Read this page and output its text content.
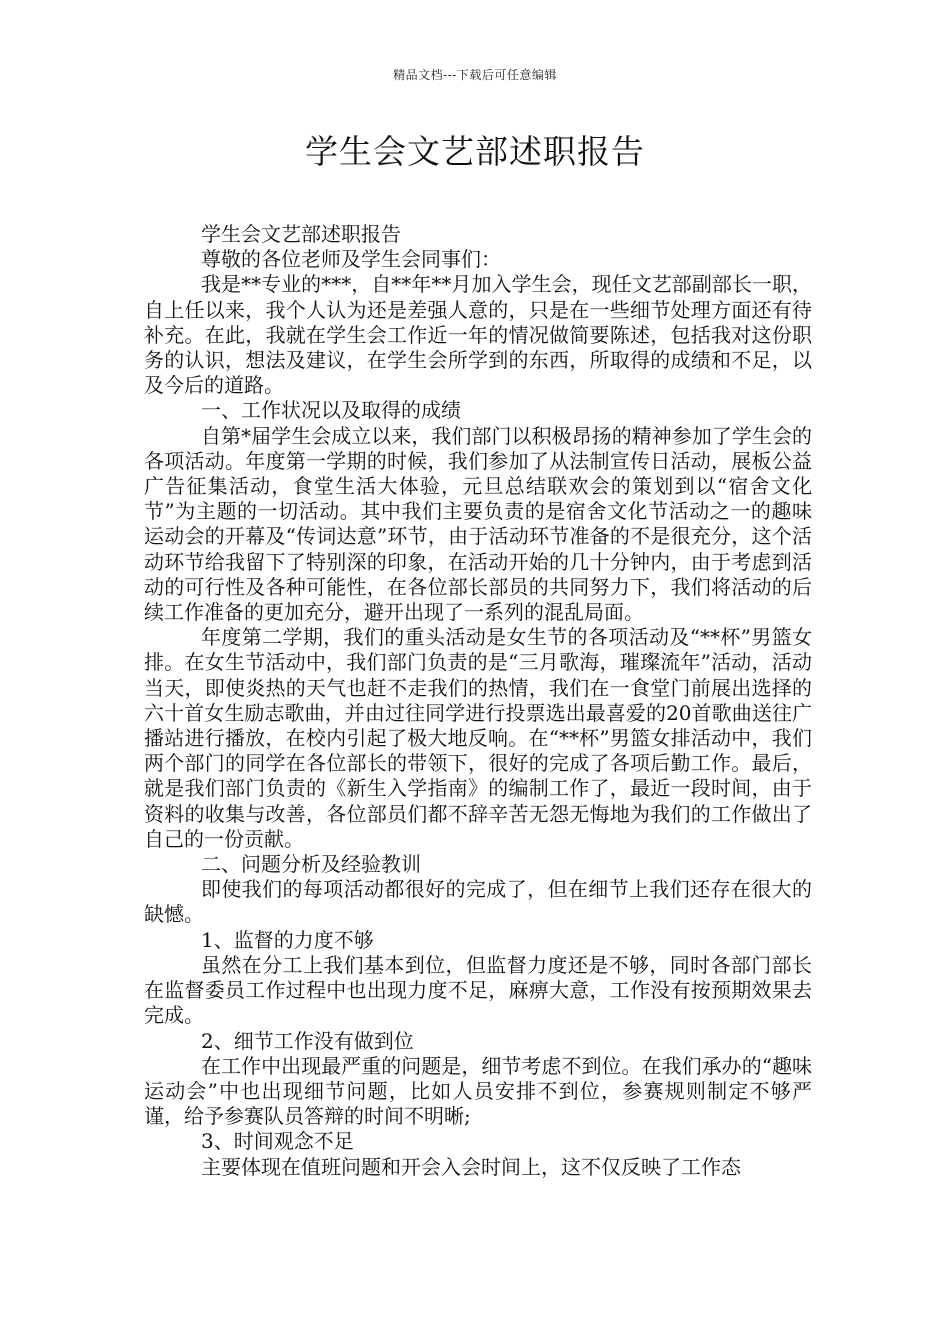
精品文档---下载后可任意编辑
学生会文艺部述职报告

学生会文艺部述职报告

尊敬的各位老师及学生会同事们：

我是**专业的***，自**年**月加入学生会，现任文艺部副部长一职，自上任以来，我个人认为还是差强人意的，只是在一些细节处理方面还有待补充。在此，我就在学生会工作近一年的情况做简要陈述，包括我对这份职务的认识，想法及建议，在学生会所学到的东西，所取得的成绩和不足，以及今后的道路。

一、工作状况以及取得的成绩

自第*届学生会成立以来，我们部门以积极昂扬的精神参加了学生会的各项活动。年度第一学期的时候，我们参加了从法制宣传日活动，展板公益广告征集活动，食堂生活大体验，元旦总结联欢会的策划到以“宿舍文化节”为主题的一切活动。其中我们主要负责的是宿舍文化节活动之一的趣味运动会的开幕及“传词达意”环节，由于活动环节准备的不是很充分，这个活动环节给我留下了特别深的印象，在活动开始的几十分钟内，由于考虑到活动的可行性及各种可能性，在各位部长部员的共同努力下，我们将活动的后续工作准备的更加充分，避开出现了一系列的混乱局面。

年度第二学期，我们的重头活动是女生节的各项活动及“**杯”男篮女排。在女生节活动中，我们部门负责的是“三月歌海，璀璨流年”活动，活动当天，即使炎热的天气也赶不走我们的热情，我们在一食堂门前展出选择的六十首女生励志歌曲，并由过往同学进行投票选出最喜爱的20首歌曲送往广播站进行播放，在校内引起了极大地反响。在“**杯”男篮女排活动中，我们两个部门的同学在各位部长的带领下，很好的完成了各项后勤工作。最后，就是我们部门负责的《新生入学指南》的编制工作了，最近一段时间，由于资料的收集与改善，各位部员们都不辞辛苦无怨无悔地为我们的工作做出了自己的一份贡献。

二、问题分析及经验教训

即使我们的每项活动都很好的完成了，但在细节上我们还存在很大的缺憾。

1、监督的力度不够

虽然在分工上我们基本到位，但监督力度还是不够，同时各部门部长在监督委员工作过程中也出现力度不足，麻痹大意，工作没有按预期效果去完成。

2、细节工作没有做到位

在工作中出现最严重的问题是，细节考虑不到位。在我们承办的“趣味运动会”中也出现细节问题，比如人员安排不到位，参赛规则制定不够严谨，给予参赛队员答辩的时间不明晰;

3、时间观念不足

主要体现在值班问题和开会入会时间上，这不仅反映了工作态
